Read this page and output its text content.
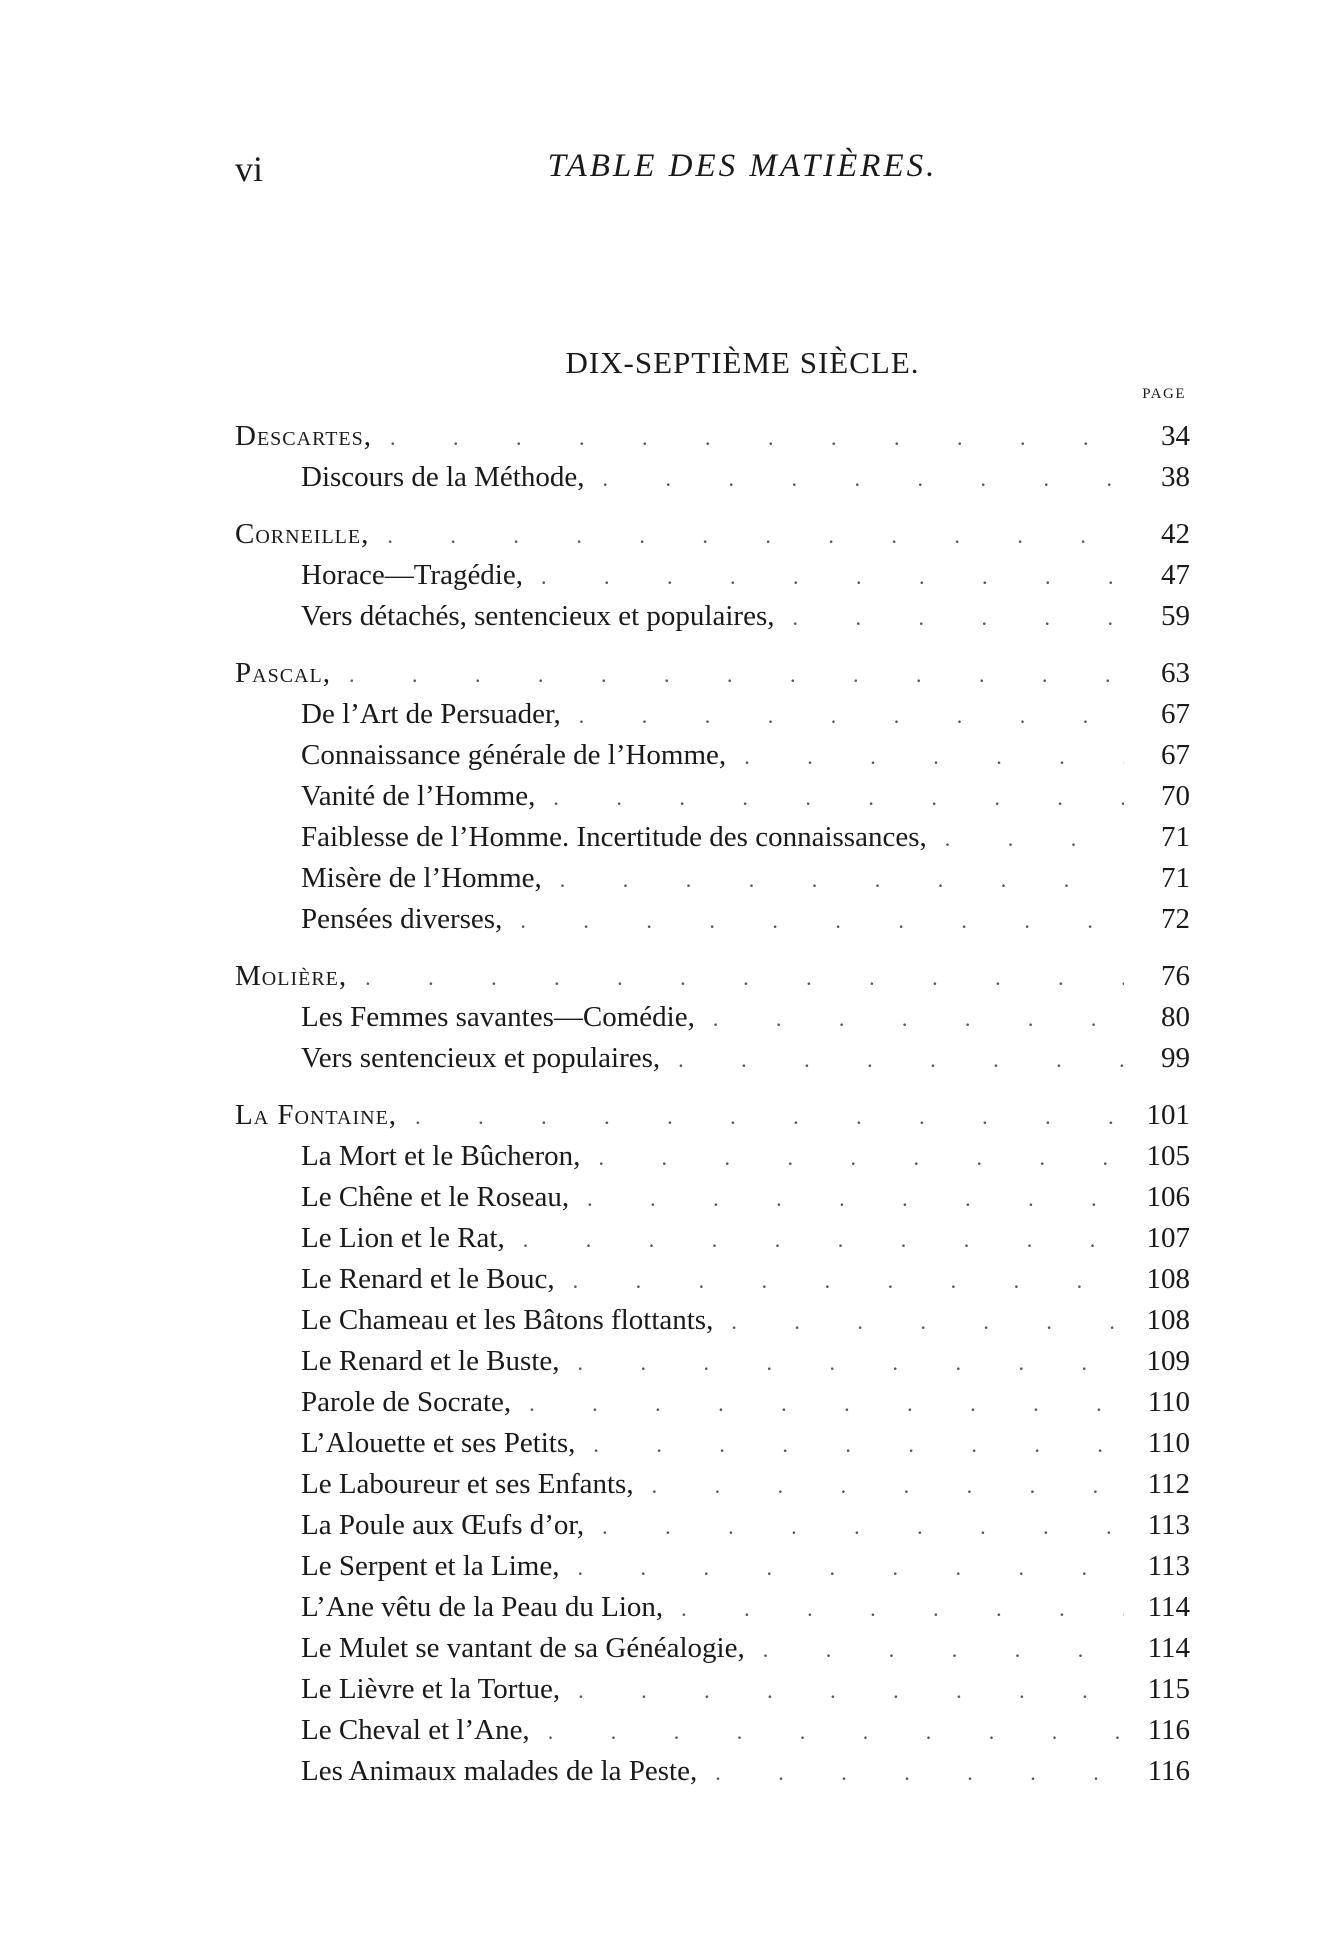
vi	TABLE DES MATIÈRES.
DIX-SEPTIÈME SIÈCLE.
PAGE
Descartes, . . .	34
Discours de la Méthode, . . .	38
Corneille, . . .	42
Horace—Tragédie, . . .	47
Vers détachés, sentencieux et populaires, . . .	59
Pascal, . . .	63
De l’Art de Persuader, . . .	67
Connaissance générale de l’Homme, . . .	67
Vanité de l’Homme, . . .	70
Faiblesse de l’Homme. Incertitude des connaissances, . . .	71
Misère de l’Homme, . . .	71
Pensées diverses, . . .	72
Molière, . . .	76
Les Femmes savantes—Comédie, . . .	80
Vers sentencieux et populaires, . . .	99
La Fontaine, . . .	101
La Mort et le Bûcheron, . . .	105
Le Chêne et le Roseau, . . .	106
Le Lion et le Rat, . . .	107
Le Renard et le Bouc, . . .	108
Le Chameau et les Bâtons flottants, . . .	108
Le Renard et le Buste, . . .	109
Parole de Socrate, . . .	110
L’Alouette et ses Petits, . . .	110
Le Laboureur et ses Enfants, . . .	112
La Poule aux Œufs d’or, . . .	113
Le Serpent et la Lime, . . .	113
L’Ane vêtu de la Peau du Lion, . . .	114
Le Mulet se vantant de sa Généalogie, . . .	114
Le Lièvre et la Tortue, . . .	115
Le Cheval et l’Ane, . . .	116
Les Animaux malades de la Peste, . . .	116
